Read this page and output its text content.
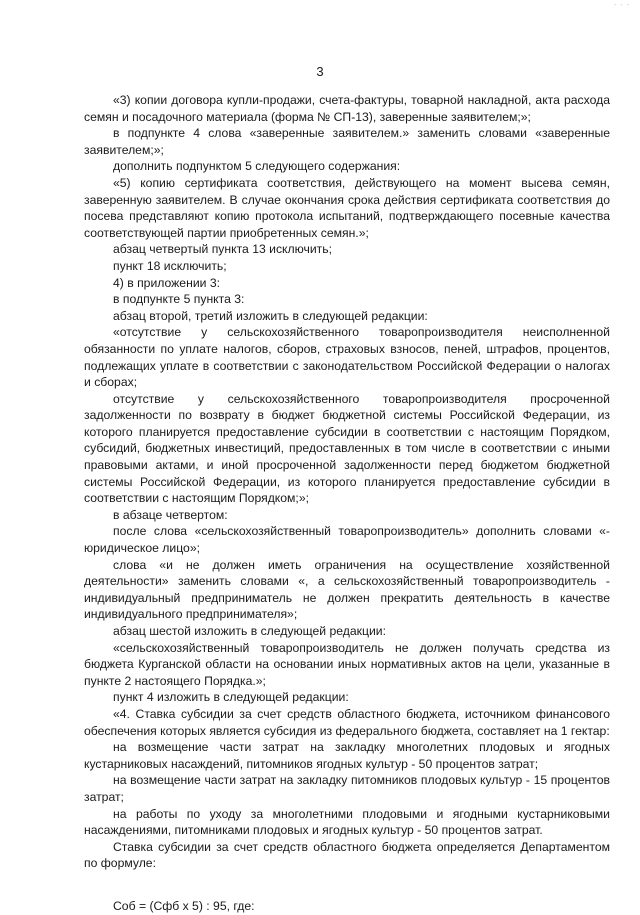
- - -
3

«3) копии договора купли-продажи, счета-фактуры, товарной накладной, акта расхода семян и посадочного материала (форма № СП-13), заверенные заявителем;»;

в подпункте 4 слова «заверенные заявителем.» заменить словами «заверенные заявителем;»;

дополнить подпунктом 5 следующего содержания:

«5) копию сертификата соответствия, действующего на момент высева семян, заверенную заявителем. В случае окончания срока действия сертификата соответствия до посева представляют копию протокола испытаний, подтверждающего посевные качества соответствующей партии приобретенных семян.»;

абзац четвертый пункта 13 исключить;

пункт 18 исключить;

4) в приложении 3:

в подпункте 5 пункта 3:

абзац второй, третий изложить в следующей редакции:

«отсутствие у сельскохозяйственного товаропроизводителя неисполненной обязанности по уплате налогов, сборов, страховых взносов, пеней, штрафов, процентов, подлежащих уплате в соответствии с законодательством Российской Федерации о налогах и сборах;

отсутствие у сельскохозяйственного товаропроизводителя просроченной задолженности по возврату в бюджет бюджетной системы Российской Федерации, из которого планируется предоставление субсидии в соответствии с настоящим Порядком, субсидий, бюджетных инвестиций, предоставленных в том числе в соответствии с иными правовыми актами, и иной просроченной задолженности перед бюджетом бюджетной системы Российской Федерации, из которого планируется предоставление субсидии в соответствии с настоящим Порядком;»;

в абзаце четвертом:

после слова «сельскохозяйственный товаропроизводитель» дополнить словами «- юридическое лицо»;

слова «и не должен иметь ограничения на осуществление хозяйственной деятельности» заменить словами «, а сельскохозяйственный товаропроизводитель - индивидуальный предприниматель не должен прекратить деятельность в качестве индивидуального предпринимателя»;

абзац шестой изложить в следующей редакции:

«сельскохозяйственный товаропроизводитель не должен получать средства из бюджета Курганской области на основании иных нормативных актов на цели, указанные в пункте 2 настоящего Порядка.»;

пункт 4 изложить в следующей редакции:

«4. Ставка субсидии за счет средств областного бюджета, источником финансового обеспечения которых является субсидия из федерального бюджета, составляет на 1 гектар:

на возмещение части затрат на закладку многолетних плодовых и ягодных кустарниковых насаждений, питомников ягодных культур - 50 процентов затрат;

на возмещение части затрат на закладку питомников плодовых культур - 15 процентов затрат;

на работы по уходу за многолетними плодовыми и ягодными кустарниковыми насаждениями, питомниками плодовых и ягодных культур - 50 процентов затрат.

Ставка субсидии за счет средств областного бюджета определяется Департаментом по формуле:

Соб = (Сфб х 5) : 95, где:
